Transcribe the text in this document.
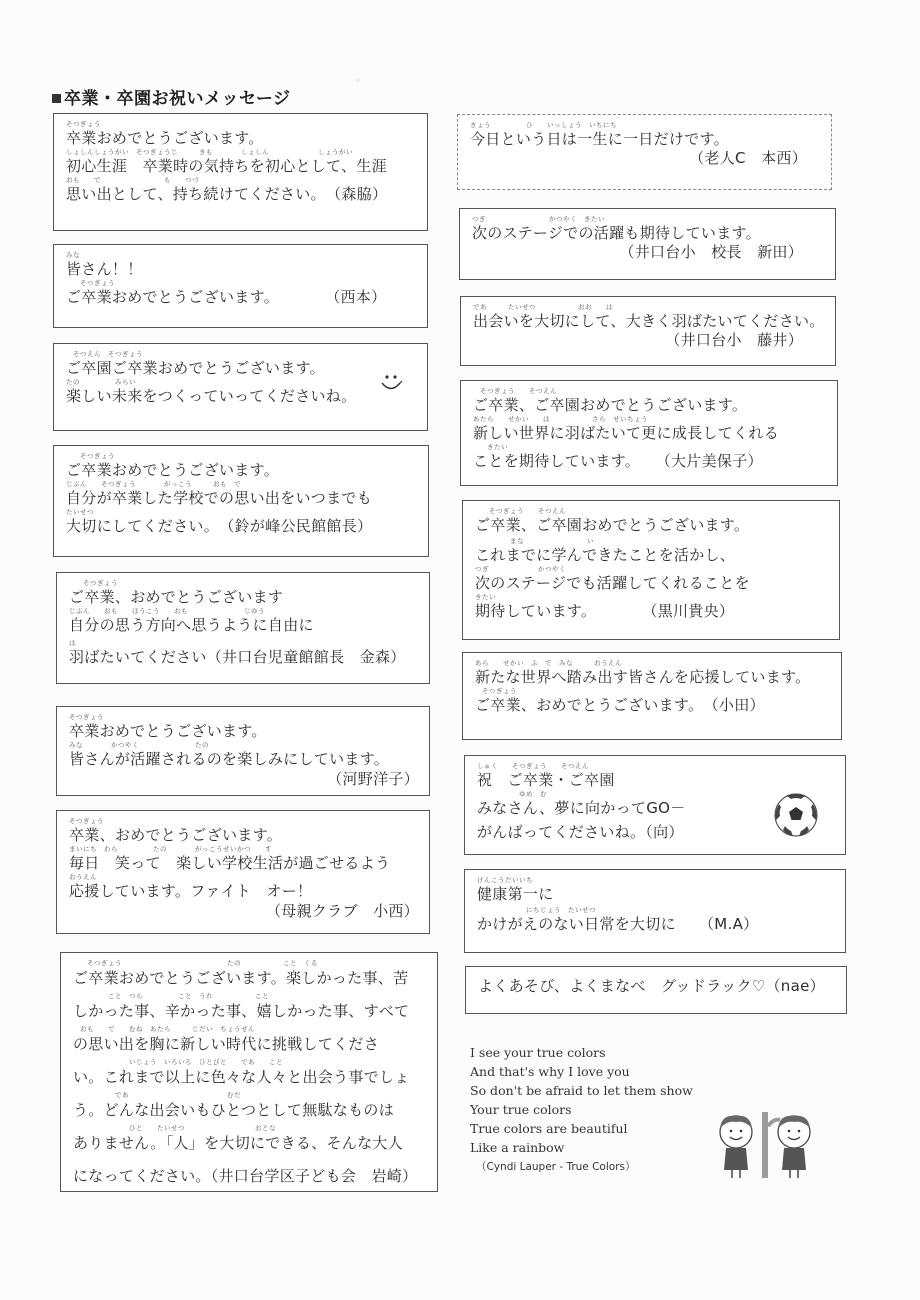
卒業・卒園お祝いメッセージ
⁘
そつぎょう
卒業おめでとうございます。
しょしんしょうがい　そつぎょうじ　　　きも　　　　しょしん　　　　　　　しょうがい
初心生涯　卒業時の気持ちを初心として、生涯
おも　　で　　　　　　　　　も　　つづ
思い出として、持ち続けてください。　（森脇）
みな
皆さん！！
　　そつぎょう
ご卒業おめでとうございます。　　　　（西本）
　そつえん　そつぎょう
ご卒園ご卒業おめでとうございます。
たの　　　　　みらい
楽しい未来をつくっていってくださいね。
　　そつぎょう
ご卒業おめでとうございます。
じぶん　　そつぎょう　　　　がっこう　　　おも　で
自分が卒業した学校での思い出をいつまでも
たいせつ
大切にしてください。　（鈴が峰公民館館長）
　　そつぎょう
ご卒業、おめでとうございます
じぶん　　おも　　ほうこう　　おも　　　　　　　　じゆう
自分の思う方向へ思うように自由に
は
羽ばたいてください（井口台児童館館長　金森）
そつぎょう
卒業おめでとうございます。
みな　　　　かつやく　　　　　　　　たの
皆さんが活躍されるのを楽しみにしています。
（河野洋子）
そつぎょう
卒業、おめでとうございます。
まいにち　わら　　　　　たの　　　　がっこうせいかつ　　す
毎日　笑って　楽しい学校生活が過ごせるよう
おうえん
応援しています。ファイト　オー！
（母親クラブ　小西）
　　そつぎょう　　　　　　　　　　　　　　　たの　　　　　　こと　くる
ご卒業おめでとうございます。楽しかった事、苦
　　　　　こと　つら　　　　　こと　うれ　　　　　　こと
しかった事、辛かった事、嬉しかった事、すべて
　おも　　で　　むね　あたら　　　じだい　ちょうせん
の思い出を胸に新しい時代に挑戦してくださ
　　　　　　　　いじょう　いろいろ　ひとびと　　であ　　こと
い。これまで以上に色々な人々と出会う事でしょ
　　　　　　であ　　　　　　　　　　　　　　むだ
う。どんな出会いもひとつとして無駄なものは
　　　　　　　　ひと　　たいせつ　　　　　　　　　　おとな
ありません。「人」を大切にできる、そんな大人
になってください。（井口台学区子ども会　岩崎）
きょう　　　　　ひ　　いっしょう　いちにち
今日という日は一生に一日だけです。
（老人C　本西）
つぎ　　　　　　　　　かつやく　きたい
次のステージでの活躍も期待しています。
（井口台小　校長　新田）
であ　　　たいせつ　　　　　　おお　　は
出会いを大切にして、大きく羽ばたいてください。
（井口台小　藤井）
　そつぎょう　　そつえん
ご卒業、ご卒園おめでとうございます。
あたら　　せかい　　は　　　　　　さら　せいちょう
新しい世界に羽ばたいて更に成長してくれる
　　きたい
ことを期待しています。　　（大片美保子）
　　そつぎょう　　そつえん
ご卒業、ご卒園おめでとうございます。
　　　　　まな　　　　　　　　　い
これまでに学んできたことを活かし、
つぎ　　　　　　　かつやく
次のステージでも活躍してくれることを
きたい
期待しています。　　　　（黒川貴央）
あら　　せかい　ふ　で　みな　　　おうえん
新たな世界へ踏み出す皆さんを応援しています。
　そつぎょう
ご卒業、おめでとうございます。　（小田）
しゅく　　そつぎょう　　そつえん
祝　ご卒業・ご卒園
　　　　　　ゆめ　む
みなさん、夢に向かってGO－
がんばってくださいね。（向）
けんこうだいいち
健康第一に
　　　　　　　にちじょう　たいせつ
かけがえのない日常を大切に　　（M.A）
よくあそび、よくまなべ　グッドラック♡（nae）
I see your true colors
And that's why I love you
So don't be afraid to let them show
Your true colors
True colors are beautiful
Like a rainbow
（Cyndi Lauper - True Colors）
